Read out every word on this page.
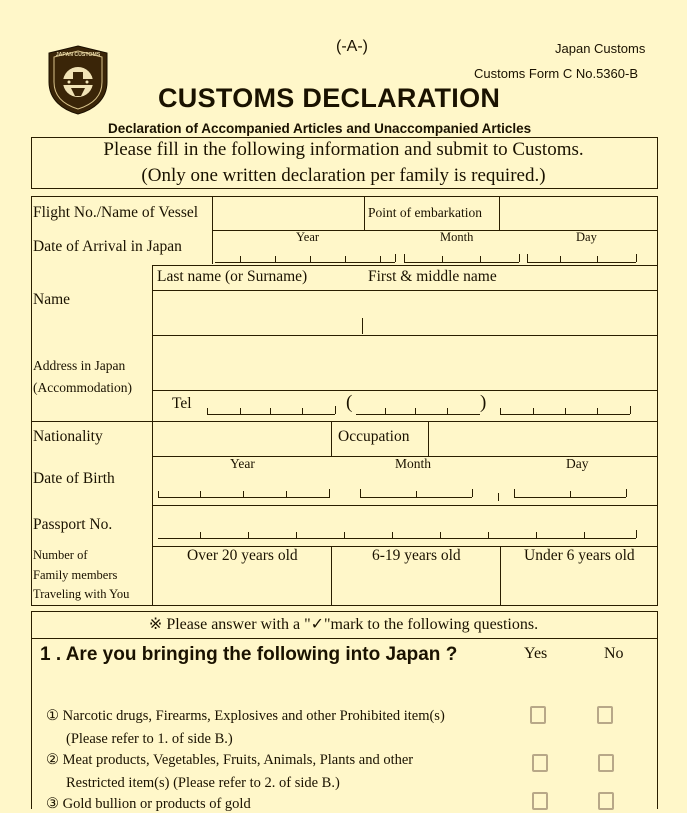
JAPAN CUSTOMS	(-A-)	Japan Customs
Customs Form C No.5360-B
CUSTOMS DECLARATION
Declaration of Accompanied Articles and Unaccompanied Articles
Please fill in the following information and submit to Customs.
(Only one written declaration per family is required.)
Flight No./Name of Vessel	Point of embarkation
Date of Arrival in Japan
Year	Month	Day
Last name (or Surname)	First & middle name
Name
Address in Japan
(Accommodation)
Tel	(	)
Nationality	Occupation
Date of Birth
Year	Month	Day
Passport No.
Number of
Family members
Traveling with You
Over 20 years old	6-19 years old	Under 6 years old
※ Please answer with a "✓"mark to the following questions.
1 . Are you bringing the following into Japan ?	Yes	No
① Narcotic drugs, Firearms, Explosives and other Prohibited item(s)
(Please refer to 1. of side B.)
② Meat products, Vegetables, Fruits, Animals, Plants and other
Restricted item(s) (Please refer to 2. of side B.)
③ Gold bullion or products of gold
